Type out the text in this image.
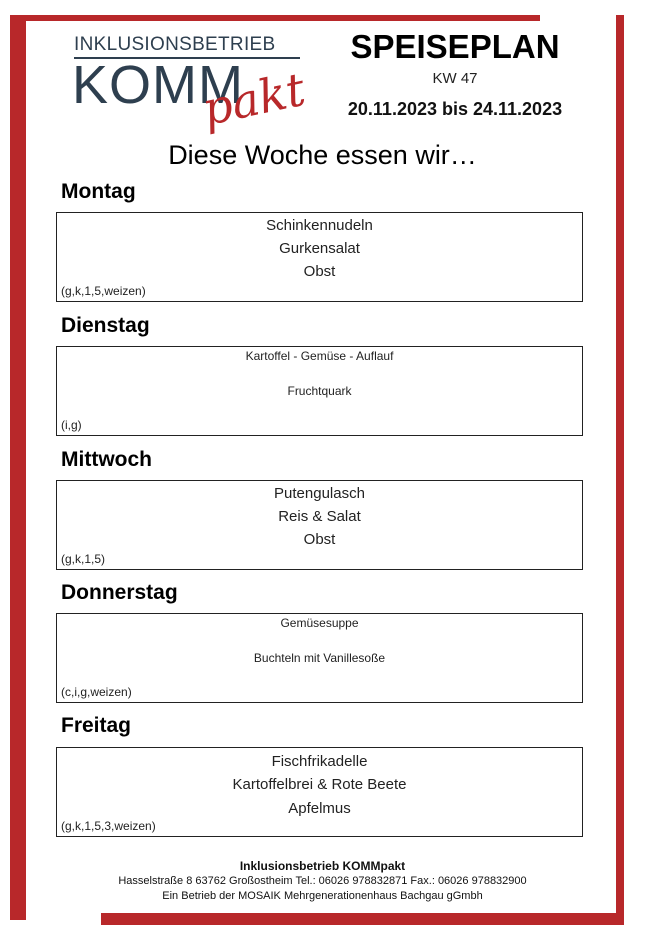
INKLUSIONSBETRIEB
KOMM
pakt
SPEISEPLAN
KW 47
20.11.2023 bis 24.11.2023
Diese Woche essen wir…
Montag
Schinkennudeln
Gurkensalat
Obst
(g,k,1,5,weizen)
Dienstag
Kartoffel - Gemüse - Auflauf
Fruchtquark
(i,g)
Mittwoch
Putengulasch
Reis & Salat
Obst
(g,k,1,5)
Donnerstag
Gemüsesuppe
Buchteln mit Vanillesoße
(c,i,g,weizen)
Freitag
Fischfrikadelle
Kartoffelbrei & Rote Beete
Apfelmus
(g,k,1,5,3,weizen)
Inklusionsbetrieb KOMMpakt
Hasselstraße 8 63762 Großostheim Tel.: 06026 978832871 Fax.: 06026 978832900
Ein Betrieb der MOSAIK Mehrgenerationenhaus Bachgau gGmbh
